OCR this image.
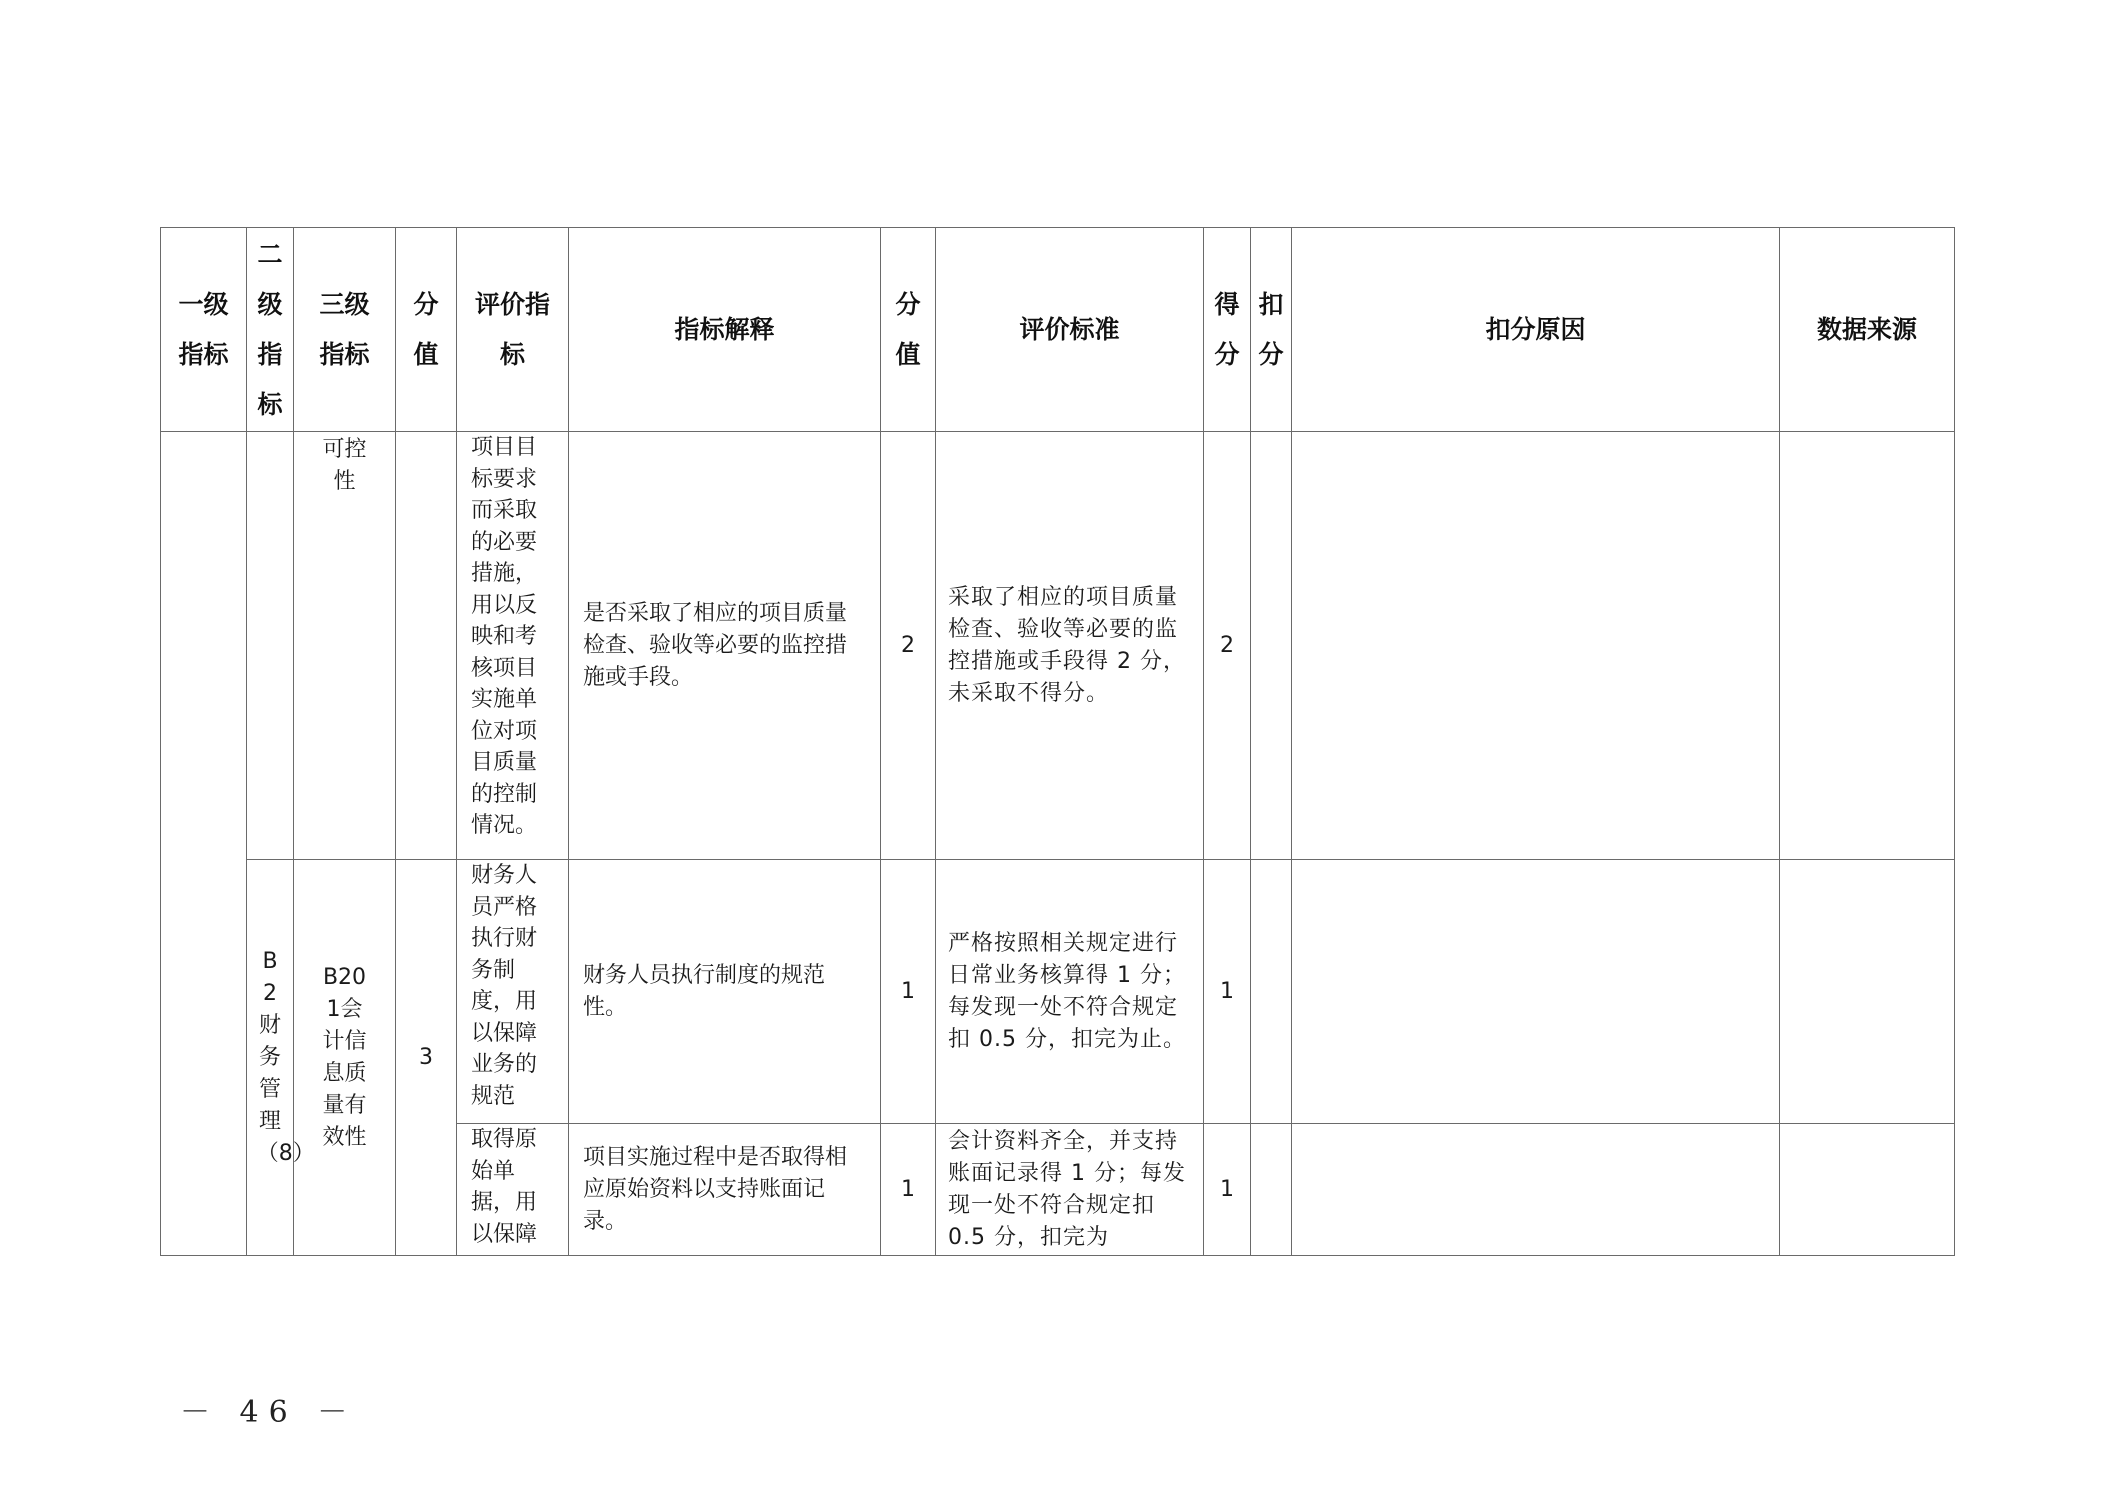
一级指标	二级指标	三级指标	分值	评价指标	指标解释	分值	评价标准	得分	扣分	扣分原因	数据来源
		可控性		项目目标要求而采取的必要措施，用以反映和考核项目实施单位对项目质量的控制情况。	是否采取了相应的项目质量检查、验收等必要的监控措施或手段。	2	采取了相应的项目质量检查、验收等必要的监控措施或手段得 2 分，未采取不得分。	2			
	B 2 财务管理（8）	B201会计信息质量有效性	3	财务人员严格执行财务制度，用以保障业务的规范	财务人员执行制度的规范性。	1	严格按照相关规定进行日常业务核算得 1 分；每发现一处不符合规定扣 0.5 分，扣完为止。	1			
				取得原始单据，用以保障	项目实施过程中是否取得相应原始资料以支持账面记录。	1	会计资料齐全，并支持账面记录得 1 分；每发现一处不符合规定扣 0.5 分，扣完为	1			
－ 46 －
